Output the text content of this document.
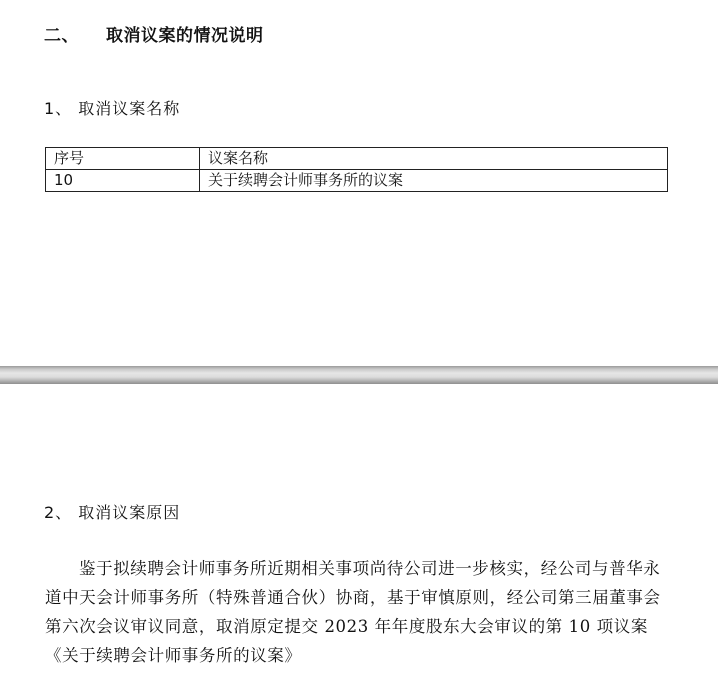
二、 取消议案的情况说明
1、 取消议案名称
序号	议案名称
10	关于续聘会计师事务所的议案
2、 取消议案原因

鉴于拟续聘会计师事务所近期相关事项尚待公司进一步核实，经公司与普华永道中天会计师事务所（特殊普通合伙）协商，基于审慎原则，经公司第三届董事会第六次会议审议同意，取消原定提交 2023 年年度股东大会审议的第 10 项议案《关于续聘会计师事务所的议案》
